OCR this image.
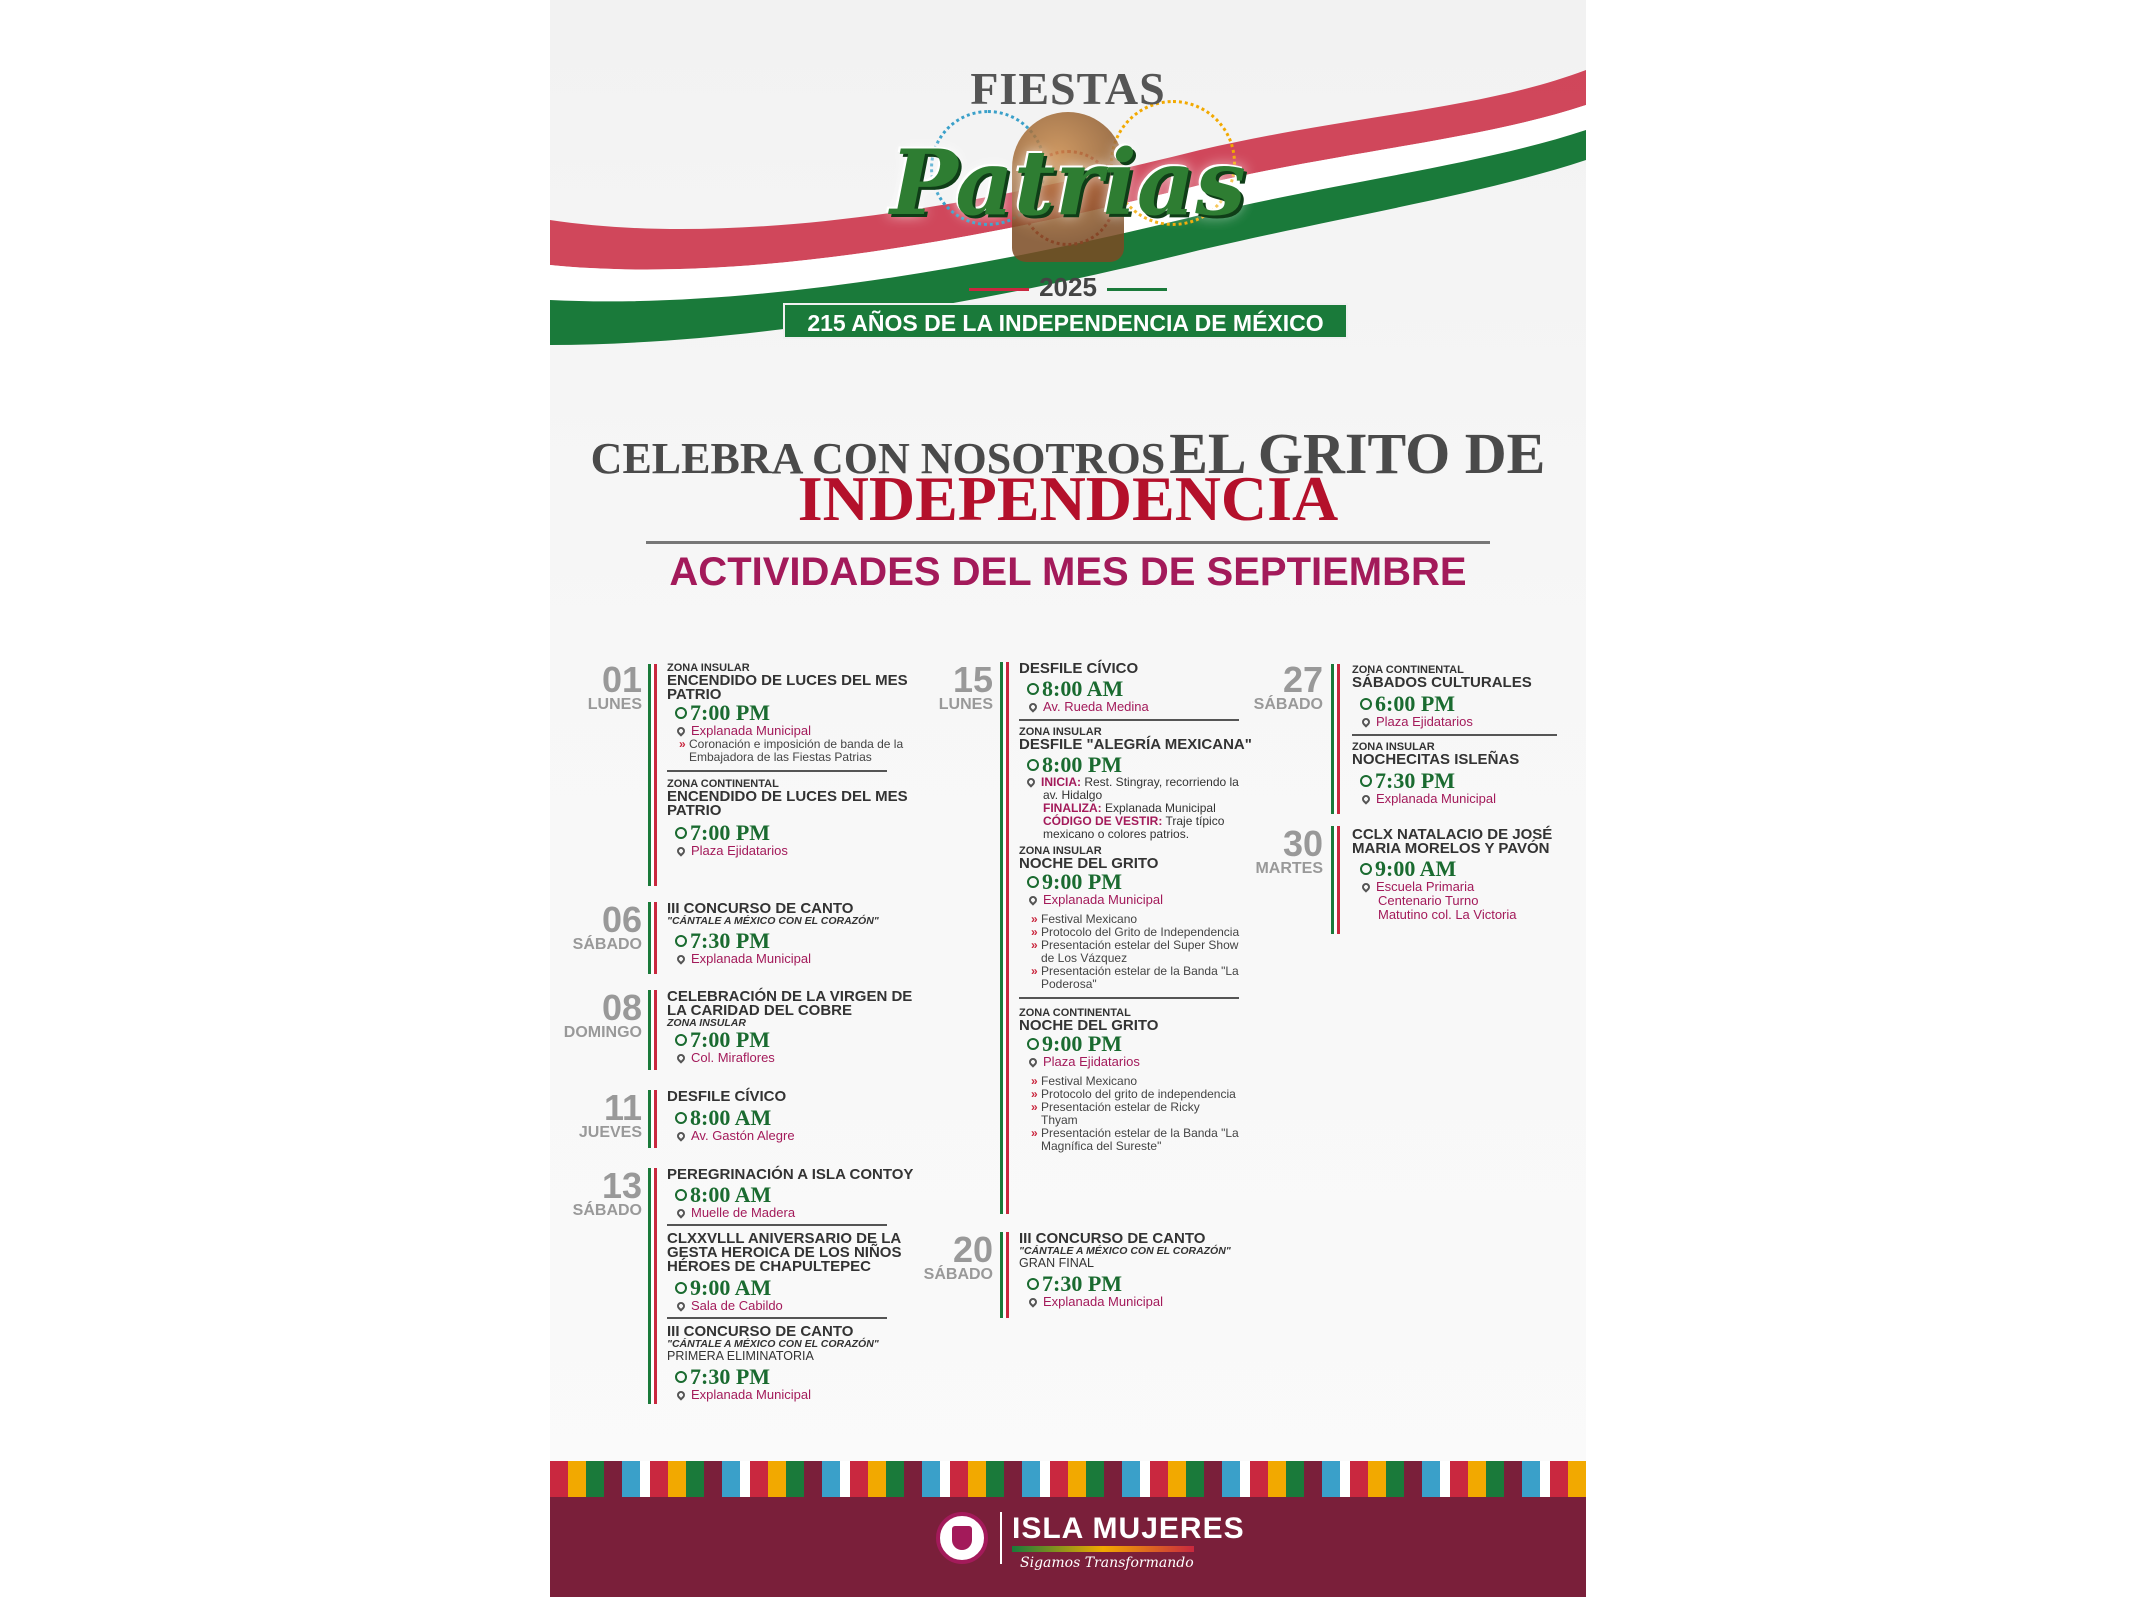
FIESTAS
Patrias
2025
215 AÑOS DE LA INDEPENDENCIA DE MÉXICO
CELEBRA CON NOSOTROS EL GRITO DE
INDEPENDENCIA
ACTIVIDADES DEL MES DE SEPTIEMBRE
01
LUNES
ZONA INSULAR
ENCENDIDO DE LUCES DEL MES PATRIO
7:00 PM
Explanada Municipal
» Coronación e imposición de banda de la Embajadora de las Fiestas Patrias
ZONA CONTINENTAL
ENCENDIDO DE LUCES DEL MES PATRIO
7:00 PM
Plaza Ejidatarios
06
SÁBADO
III CONCURSO DE CANTO
"CÁNTALE A MÉXICO CON EL CORAZÓN"
7:30 PM
Explanada Municipal
08
DOMINGO
CELEBRACIÓN DE LA VIRGEN DE LA CARIDAD DEL COBRE
ZONA INSULAR
7:00 PM
Col. Miraflores
11
JUEVES
DESFILE CÍVICO
8:00 AM
Av. Gastón Alegre
13
SÁBADO
PEREGRINACIÓN A ISLA CONTOY
8:00 AM
Muelle de Madera
CLXXVLLL ANIVERSARIO DE LA GESTA HEROICA DE LOS NIÑOS HÉROES DE CHAPULTEPEC
9:00 AM
Sala de Cabildo
III CONCURSO DE CANTO
"CÁNTALE A MÉXICO CON EL CORAZÓN"
PRIMERA ELIMINATORIA
7:30 PM
Explanada Municipal
15
LUNES
DESFILE CÍVICO
8:00 AM
Av. Rueda Medina
ZONA INSULAR
DESFILE "ALEGRÍA MEXICANA"
8:00 PM
INICIA: Rest. Stingray, recorriendo la av. Hidalgo
FINALIZA: Explanada Municipal
CÓDIGO DE VESTIR: Traje típico mexicano o colores patrios.
ZONA INSULAR
NOCHE DEL GRITO
9:00 PM
Explanada Municipal
» Festival Mexicano
» Protocolo del Grito de Independencia
» Presentación estelar del Super Show de Los Vázquez
» Presentación estelar de la Banda "La Poderosa"
ZONA CONTINENTAL
NOCHE DEL GRITO
9:00 PM
Plaza Ejidatarios
» Festival Mexicano
» Protocolo del grito de independencia
» Presentación estelar de Ricky Thyam
» Presentación estelar de la Banda "La Magnífica del Sureste"
20
SÁBADO
III CONCURSO DE CANTO
"CÁNTALE A MÉXICO CON EL CORAZÓN"
GRAN FINAL
7:30 PM
Explanada Municipal
27
SÁBADO
ZONA CONTINENTAL
SÁBADOS CULTURALES
6:00 PM
Plaza Ejidatarios
ZONA INSULAR
NOCHECITAS ISLEÑAS
7:30 PM
Explanada Municipal
30
MARTES
CCLX NATALACIO DE JOSÉ MARIA MORELOS Y PAVÓN
9:00 AM
Escuela Primaria Centenario Turno Matutino col. La Victoria
ISLA MUJERES
Sigamos Transformando
